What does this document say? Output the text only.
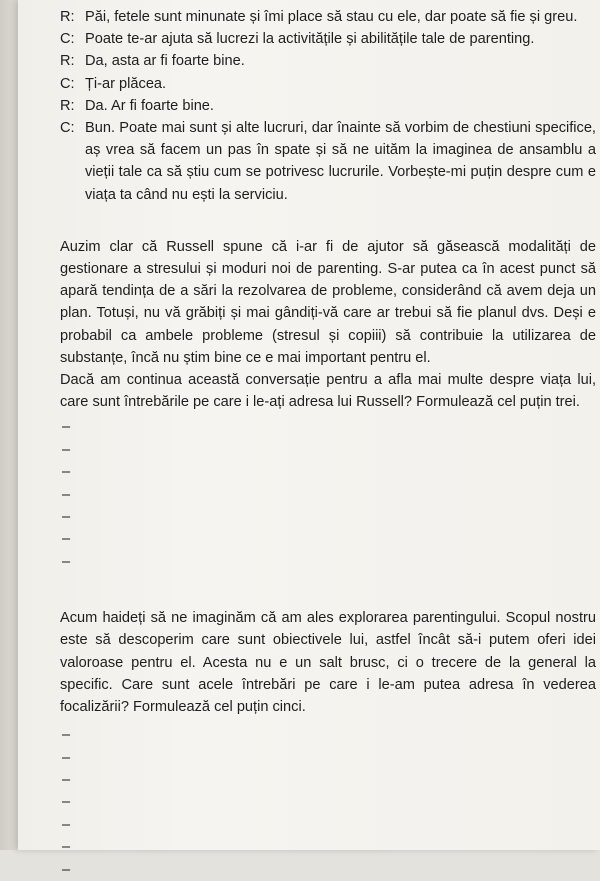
R: Păi, fetele sunt minunate și îmi place să stau cu ele, dar poate să fie și greu.
C: Poate te-ar ajuta să lucrezi la activitățile și abilitățile tale de parenting.
R: Da, asta ar fi foarte bine.
C: Ți-ar plăcea.
R: Da. Ar fi foarte bine.
C: Bun. Poate mai sunt și alte lucruri, dar înainte să vorbim de chestiuni specifice, aș vrea să facem un pas în spate și să ne uităm la imaginea de ansamblu a vieții tale ca să știu cum se potrivesc lucrurile. Vorbește-mi puțin despre cum e viața ta când nu ești la serviciu.

Auzim clar că Russell spune că i-ar fi de ajutor să găsească modalități de gestionare a stresului și moduri noi de parenting. S-ar putea ca în acest punct să apară tendința de a sări la rezolvarea de probleme, considerând că avem deja un plan. Totuși, nu vă grăbiți și mai gândiți-vă care ar trebui să fie planul dvs. Deși e probabil ca ambele probleme (stresul și copiii) să contribuie la utilizarea de substanțe, încă nu știm bine ce e mai important pentru el.

Dacă am continua această conversație pentru a afla mai multe despre viața lui, care sunt întrebările pe care i le-ați adresa lui Russell? Formulează cel puțin trei.

–
–
–
–
–
–
–

Acum haideți să ne imaginăm că am ales explorarea parentingului. Scopul nostru este să descoperim care sunt obiectivele lui, astfel încât să-i putem oferi idei valoroase pentru el. Acesta nu e un salt brusc, ci o trecere de la general la specific. Care sunt acele întrebări pe care i le-am putea adresa în vederea focalizării? Formulează cel puțin cinci.

–
–
–
–
–
–
–
